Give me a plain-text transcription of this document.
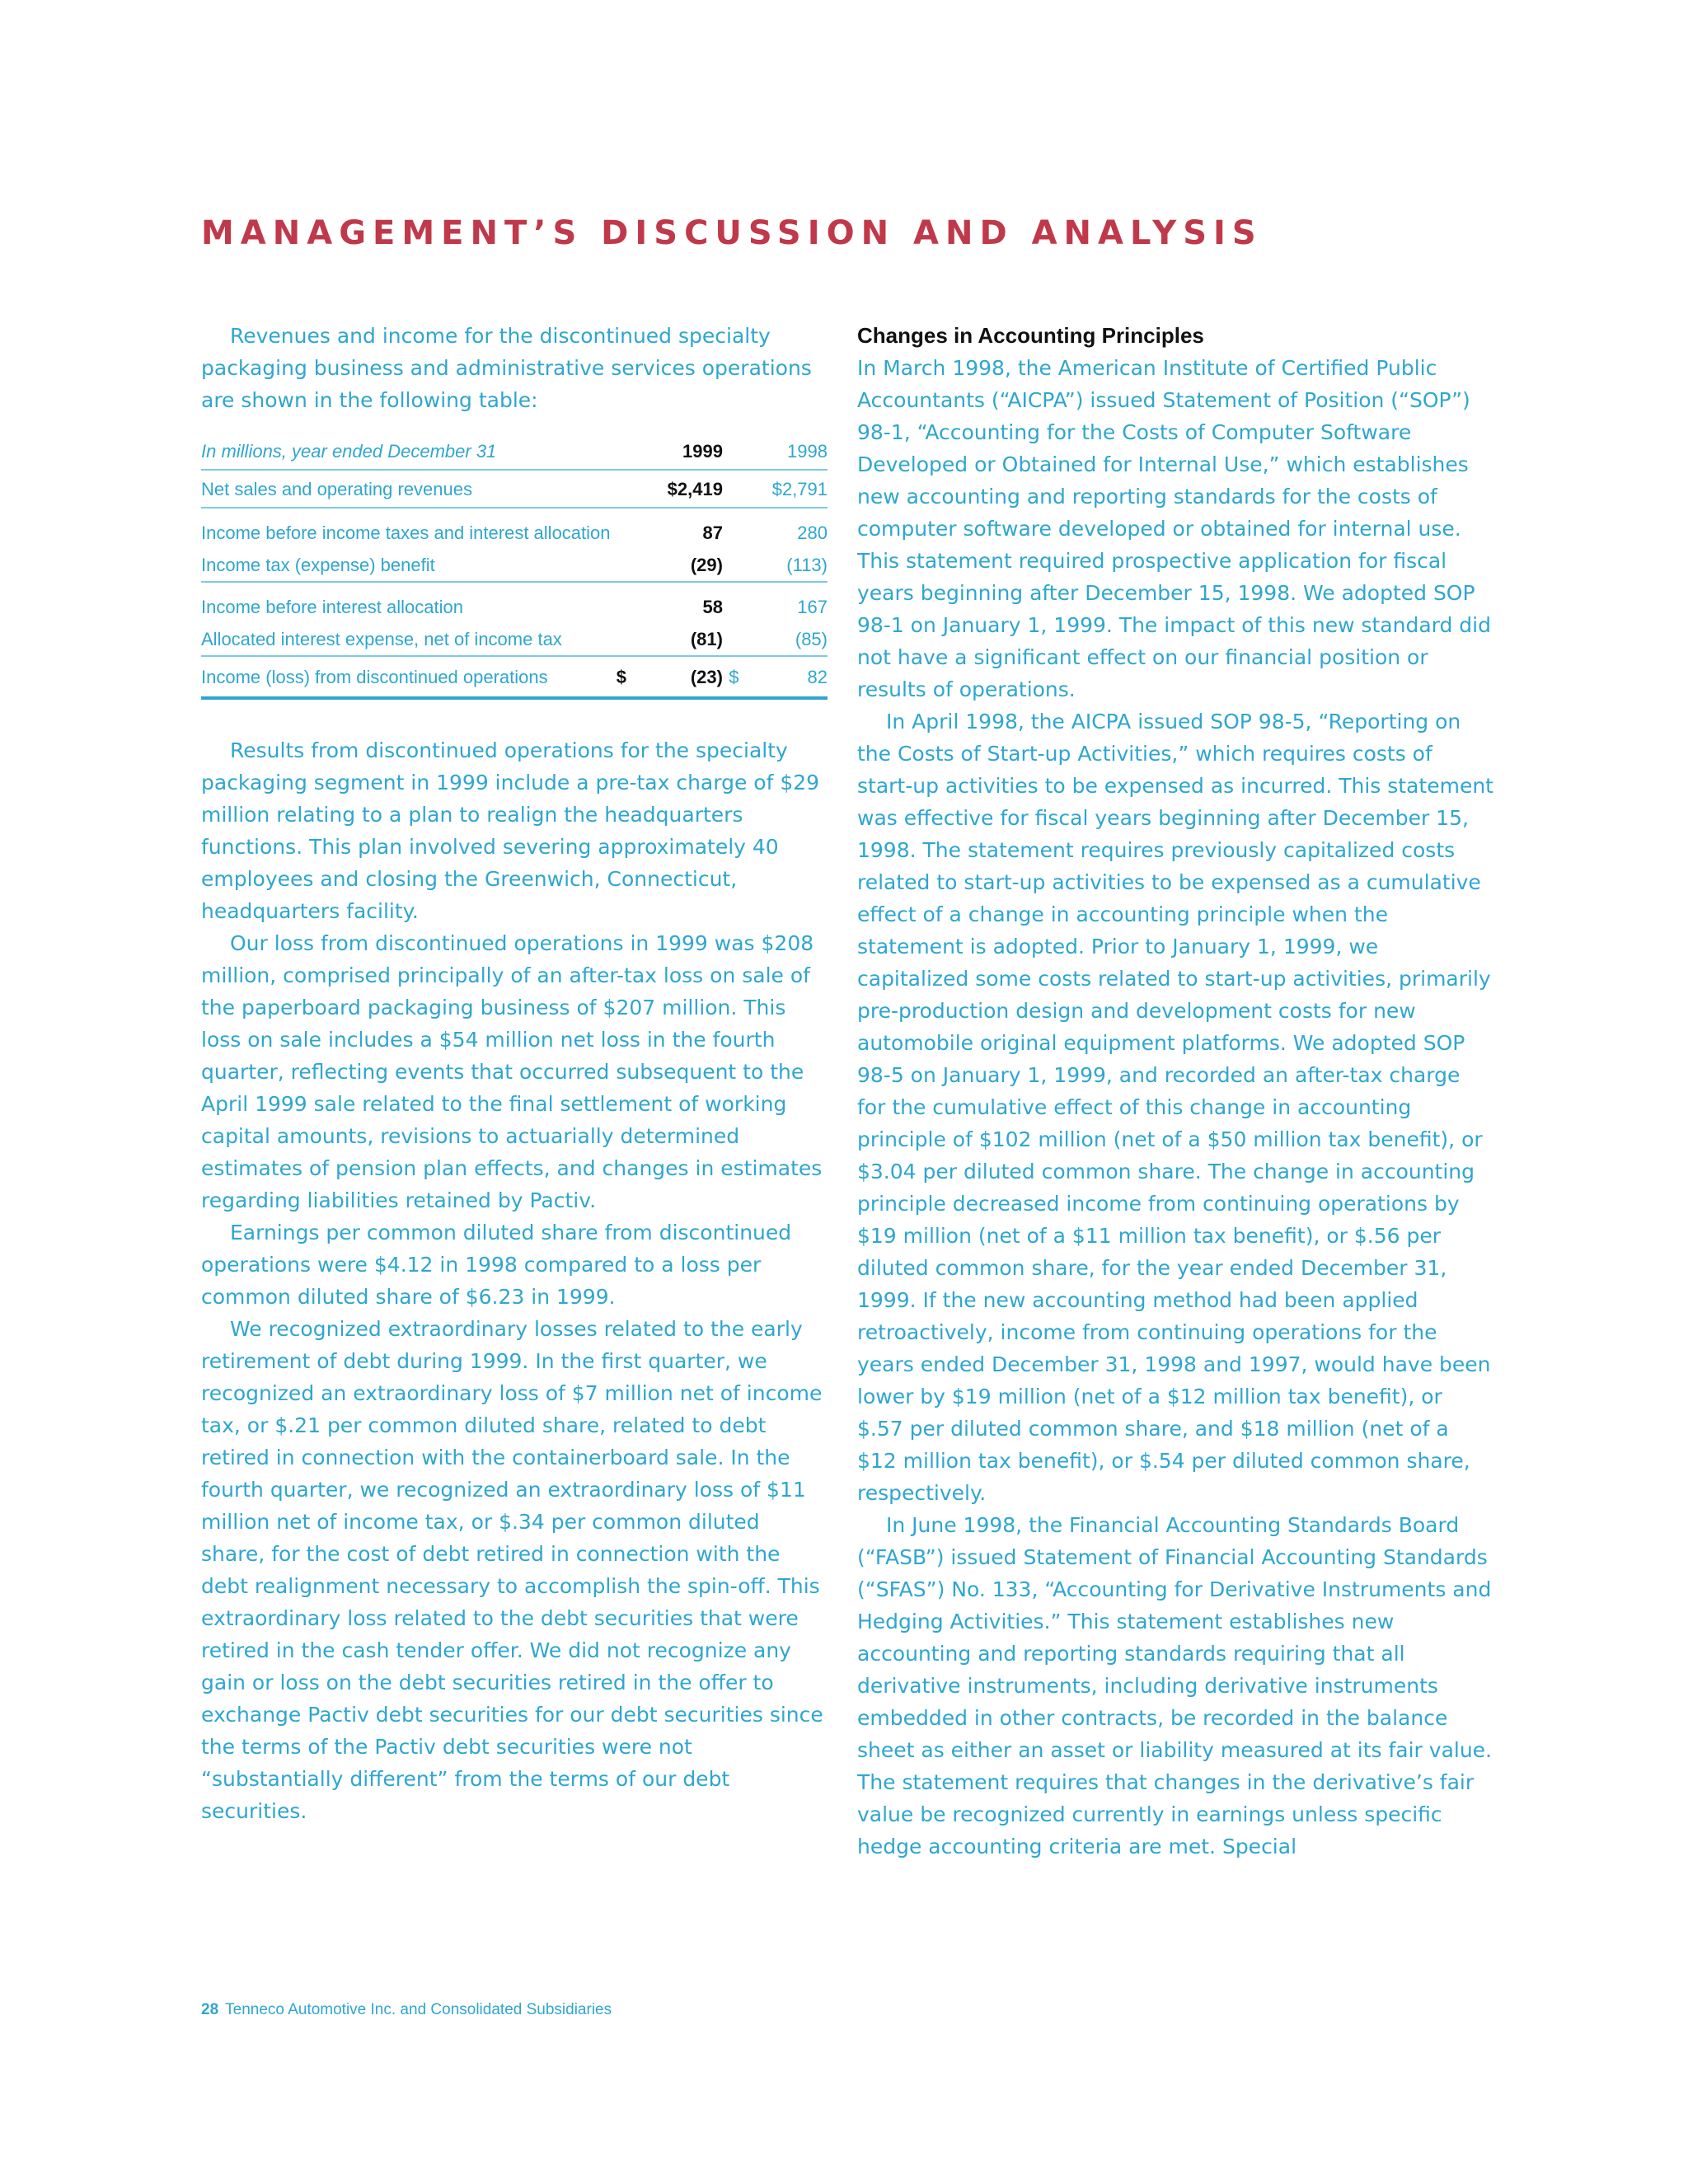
MANAGEMENT’S DISCUSSION AND ANALYSIS

Revenues and income for the discontinued specialty packaging business and administrative services operations are shown in the following table:

In millions, year ended December 31		1999		1998
Net sales and operating revenues		$2,419		$2,791
Income before income taxes and interest allocation		87		280
Income tax (expense) benefit		(29)		(113)
Income before interest allocation		58		167
Allocated interest expense, net of income tax		(81)		(85)
Income (loss) from discontinued operations	$	(23)	$	82

Results from discontinued operations for the specialty packaging segment in 1999 include a pre-tax charge of $29 million relating to a plan to realign the headquarters functions. This plan involved severing approximately 40 employees and closing the Greenwich, Connecticut, headquarters facility.

Our loss from discontinued operations in 1999 was $208 million, comprised principally of an after-tax loss on sale of the paperboard packaging business of $207 million. This loss on sale includes a $54 million net loss in the fourth quarter, reflecting events that occurred subsequent to the April 1999 sale related to the final settlement of working capital amounts, revisions to actuarially determined estimates of pension plan effects, and changes in estimates regarding liabilities retained by Pactiv.

Earnings per common diluted share from discontinued operations were $4.12 in 1998 compared to a loss per common diluted share of $6.23 in 1999.

We recognized extraordinary losses related to the early retirement of debt during 1999. In the first quarter, we recognized an extraordinary loss of $7 million net of income tax, or $.21 per common diluted share, related to debt retired in connection with the containerboard sale. In the fourth quarter, we recognized an extraordinary loss of $11 million net of income tax, or $.34 per common diluted share, for the cost of debt retired in connection with the debt realignment necessary to accomplish the spin-off. This extraordinary loss related to the debt securities that were retired in the cash tender offer. We did not recognize any gain or loss on the debt securities retired in the offer to exchange Pactiv debt securities for our debt securities since the terms of the Pactiv debt securities were not “substantially different” from the terms of our debt securities.

Changes in Accounting Principles

In March 1998, the American Institute of Certified Public Accountants (“AICPA”) issued Statement of Position (“SOP”) 98-1, “Accounting for the Costs of Computer Software Developed or Obtained for Internal Use,” which establishes new accounting and reporting standards for the costs of computer software developed or obtained for internal use. This statement required prospective application for fiscal years beginning after December 15, 1998. We adopted SOP 98-1 on January 1, 1999. The impact of this new standard did not have a significant effect on our financial position or results of operations.

In April 1998, the AICPA issued SOP 98-5, “Reporting on the Costs of Start-up Activities,” which requires costs of start-up activities to be expensed as incurred. This statement was effective for fiscal years beginning after December 15, 1998. The statement requires previously capitalized costs related to start-up activities to be expensed as a cumulative effect of a change in accounting principle when the statement is adopted. Prior to January 1, 1999, we capitalized some costs related to start-up activities, primarily pre-production design and development costs for new automobile original equipment platforms. We adopted SOP 98-5 on January 1, 1999, and recorded an after-tax charge for the cumulative effect of this change in accounting principle of $102 million (net of a $50 million tax benefit), or $3.04 per diluted common share. The change in accounting principle decreased income from continuing operations by $19 million (net of a $11 million tax benefit), or $.56 per diluted common share, for the year ended December 31, 1999. If the new accounting method had been applied retroactively, income from continuing operations for the years ended December 31, 1998 and 1997, would have been lower by $19 million (net of a $12 million tax benefit), or $.57 per diluted common share, and $18 million (net of a $12 million tax benefit), or $.54 per diluted common share, respectively.

In June 1998, the Financial Accounting Standards Board (“FASB”) issued Statement of Financial Accounting Standards (“SFAS”) No. 133, “Accounting for Derivative Instruments and Hedging Activities.” This statement establishes new accounting and reporting standards requiring that all derivative instruments, including derivative instruments embedded in other contracts, be recorded in the balance sheet as either an asset or liability measured at its fair value. The statement requires that changes in the derivative’s fair value be recognized currently in earnings unless specific hedge accounting criteria are met. Special

28 Tenneco Automotive Inc. and Consolidated Subsidiaries
